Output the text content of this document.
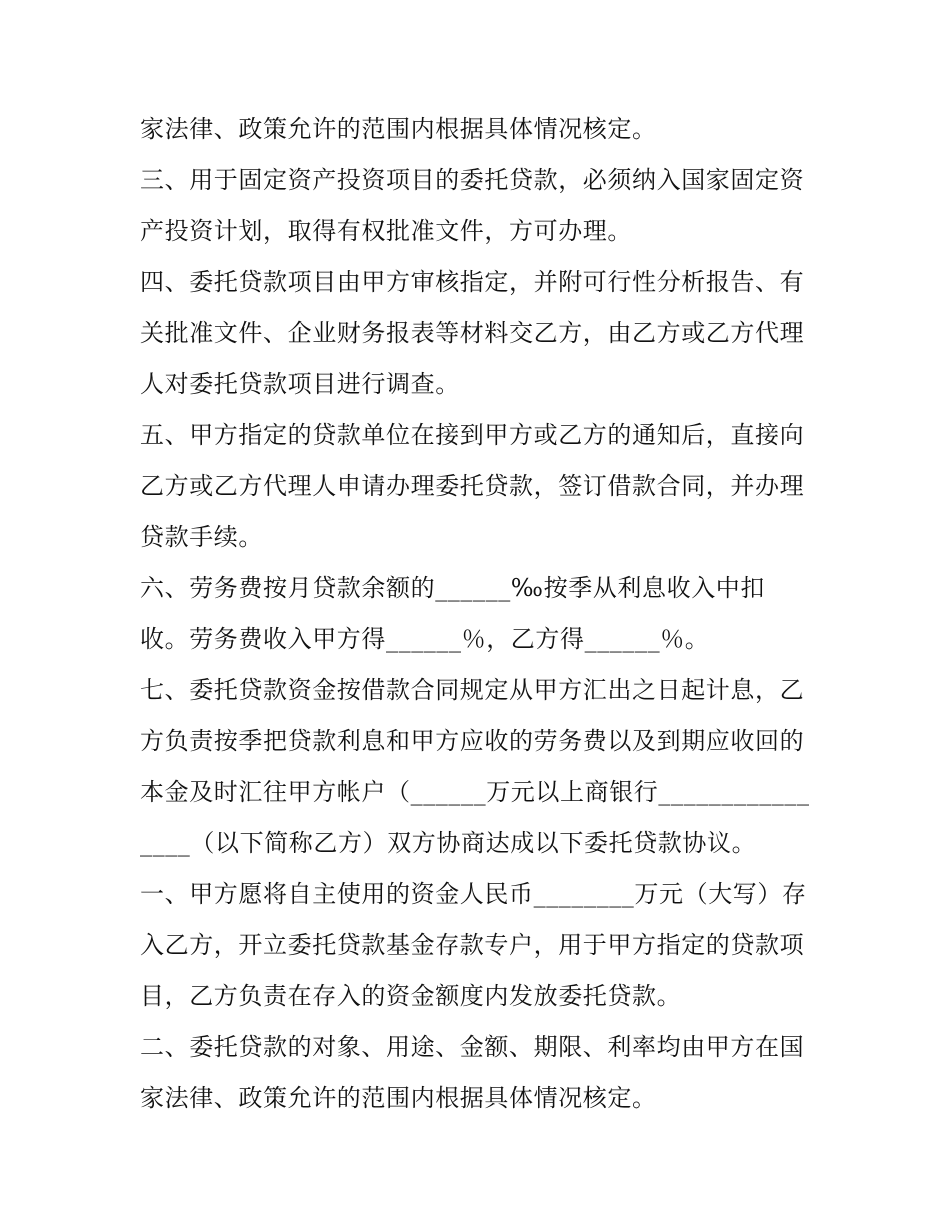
家法律、政策允许的范围内根据具体情况核定。
三、用于固定资产投资项目的委托贷款，必须纳入国家固定资
产投资计划，取得有权批准文件，方可办理。
四、委托贷款项目由甲方审核指定，并附可行性分析报告、有
关批准文件、企业财务报表等材料交乙方，由乙方或乙方代理
人对委托贷款项目进行调查。
五、甲方指定的贷款单位在接到甲方或乙方的通知后，直接向
乙方或乙方代理人申请办理委托贷款，签订借款合同，并办理
贷款手续。
六、劳务费按月贷款余额的______‰按季从利息收入中扣
收。劳务费收入甲方得______％，乙方得______％。
七、委托贷款资金按借款合同规定从甲方汇出之日起计息，乙
方负责按季把贷款利息和甲方应收的劳务费以及到期应收回的
本金及时汇往甲方帐户（______万元以上商银行____________
____（以下简称乙方）双方协商达成以下委托贷款协议。
一、甲方愿将自主使用的资金人民币________万元（大写）存
入乙方，开立委托贷款基金存款专户，用于甲方指定的贷款项
目，乙方负责在存入的资金额度内发放委托贷款。
二、委托贷款的对象、用途、金额、期限、利率均由甲方在国
家法律、政策允许的范围内根据具体情况核定。
